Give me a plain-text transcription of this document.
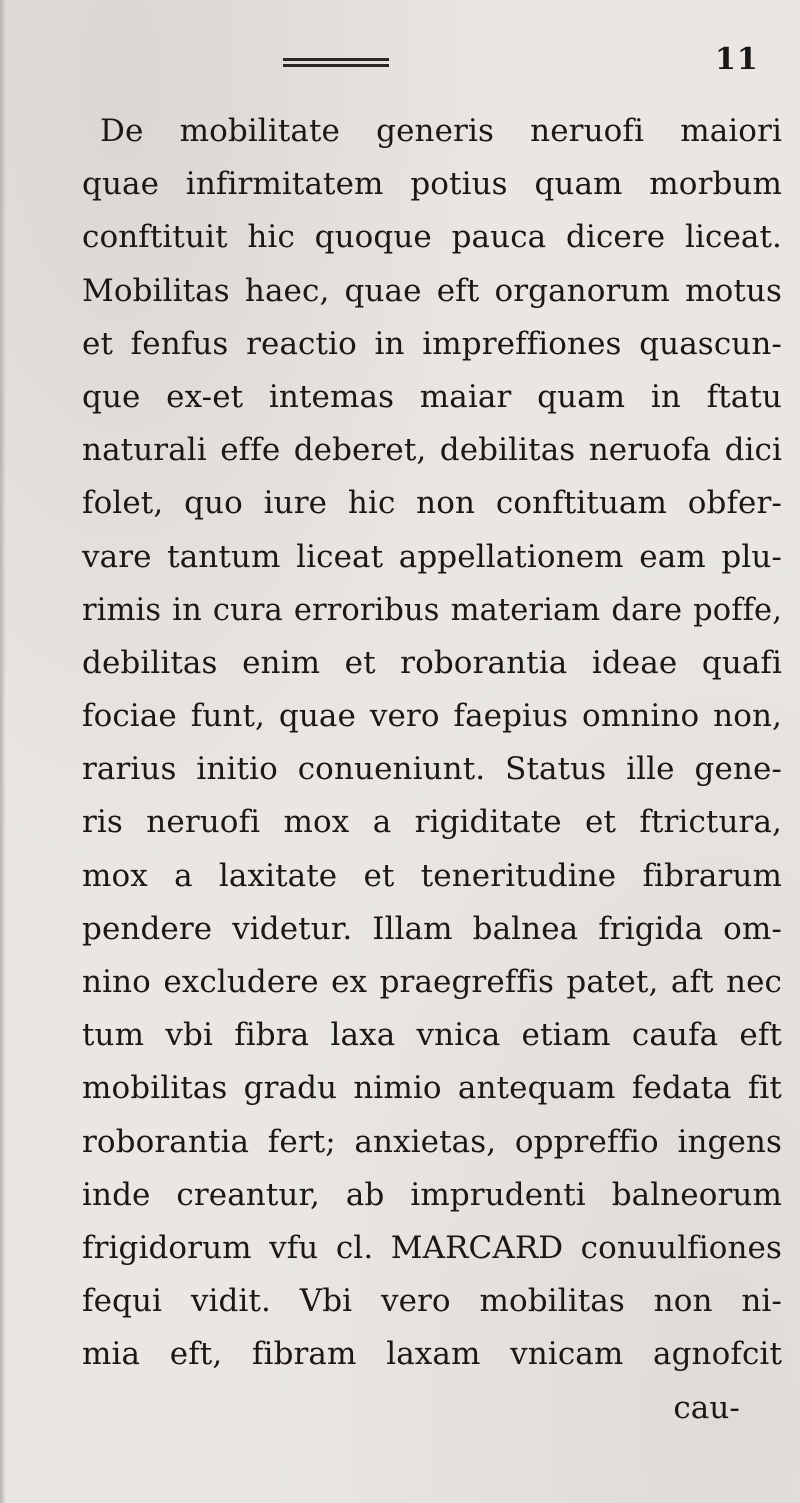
11
De mobilitate generis neruofi maiori
quae infirmitatem potius quam morbum
conftituit hic quoque pauca dicere liceat.
Mobilitas haec, quae eft organorum motus
et fenfus reactio in impreffiones quascun-
que ex-et intemas maiar quam in ftatu
naturali effe deberet, debilitas neruofa dici
folet, quo iure hic non conftituam obfer-
vare tantum liceat appellationem eam plu-
rimis in cura erroribus materiam dare poffe,
debilitas enim et roborantia ideae quafi
fociae funt, quae vero faepius omnino non,
rarius initio conueniunt. Status ille gene-
ris neruofi mox a rigiditate et ftrictura,
mox a laxitate et teneritudine fibrarum
pendere videtur. Illam balnea frigida om-
nino excludere ex praegreffis patet, aft nec
tum vbi fibra laxa vnica etiam caufa eft
mobilitas gradu nimio antequam fedata fit
roborantia fert; anxietas, oppreffio ingens
inde creantur, ab imprudenti balneorum
frigidorum vfu cl. MARCARD conuulfiones
fequi vidit. Vbi vero mobilitas non ni-
mia eft, fibram laxam vnicam agnofcit
cau-
